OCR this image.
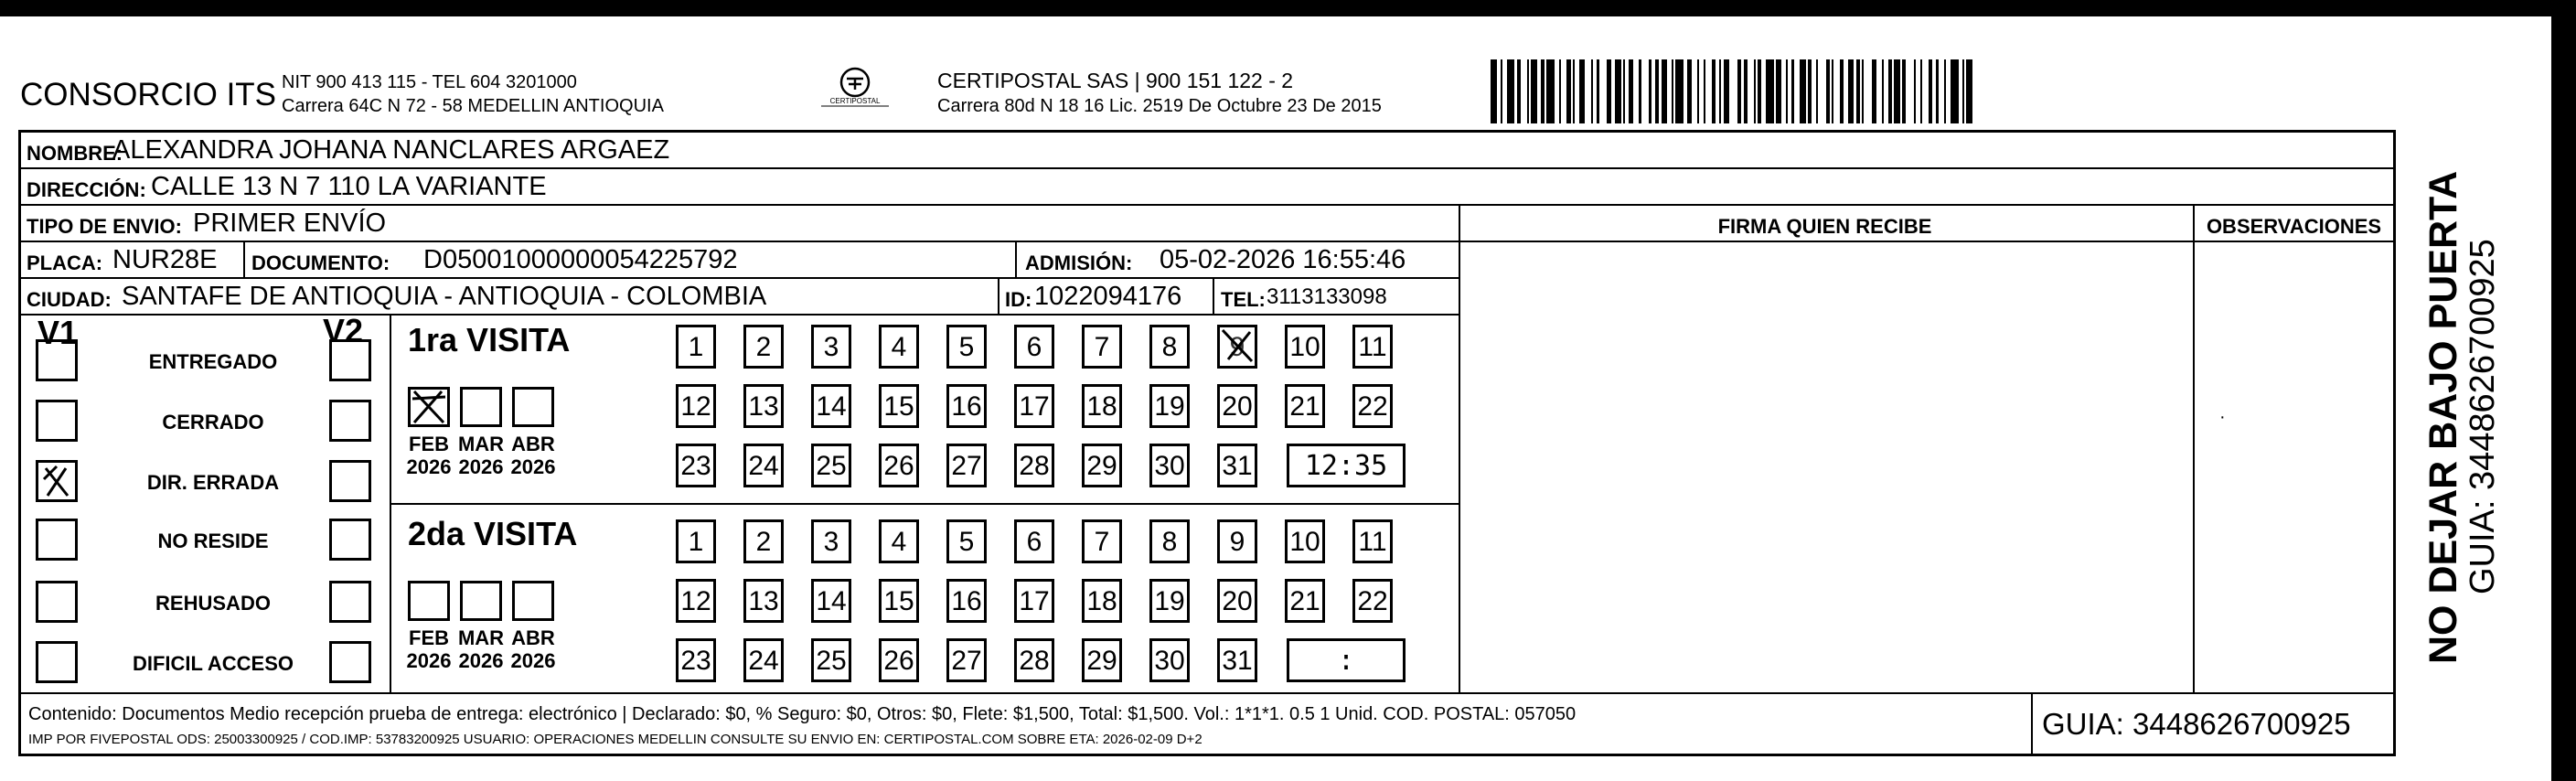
CONSORCIO ITS NIT 900 413 115 - TEL 604 3201000
Carrera 64C N 72 - 58 MEDELLIN ANTIOQUIA	CERTIPOSTAL
CERTIPOSTAL SAS | 900 151 122 - 2
Carrera 80d N 18 16 Lic. 2519 De Octubre 23 De 2015
NOMBRE:
ALEXANDRA JOHANA NANCLARES ARGAEZ
DIRECCIÓN: CALLE 13 N 7 110 LA VARIANTE
TIPO DE ENVIO: PRIMER ENVÍO	FIRMA QUIEN RECIBE	OBSERVACIONES
PLACA: NUR28E DOCUMENTO: D05001000000054225792	ADMISIÓN: 05-02-2026 16:55:46
CIUDAD: SANTAFE DE ANTIOQUIA - ANTIOQUIA - COLOMBIA	ID: 1022094176 TEL: 3113133098
V1	V2
ENTREGADO
CERRADO
DIR. ERRADA
NO RESIDE
REHUSADO
DIFICIL ACCESO
1ra VISITA
FEB
2026
MAR
2026
ABR
2026
1	2	3	4	5	6	7	8	9	10 11
12 13 14 15 16 17 18 19 20 21 22
23 24 25 26 27 28 29 30 31	12:35
2da VISITA
FEB
2026
MAR
2026
ABR
2026
1	2	3	4	5	6	7	8	9	10 11
12 13 14 15 16 17 18 19 20 21 22
23 24 25 26 27 28 29 30 31	:
Contenido: Documentos Medio recepción prueba de entrega: electrónico | Declarado: $0, % Seguro: $0, Otros: $0, Flete: $1,500, Total: $1,500. Vol.: 1*1*1. 0.5 1 Unid. COD. POSTAL: 057050
IMP POR FIVEPOSTAL ODS: 25003300925 / COD.IMP: 53783200925 USUARIO: OPERACIONES MEDELLIN CONSULTE SU ENVIO EN: CERTIPOSTAL.COM SOBRE ETA: 2026-02-09 D+2	GUIA: 3448626700925
·	NO DEJAR BAJO PUERTA
GUIA: 3448626700925
